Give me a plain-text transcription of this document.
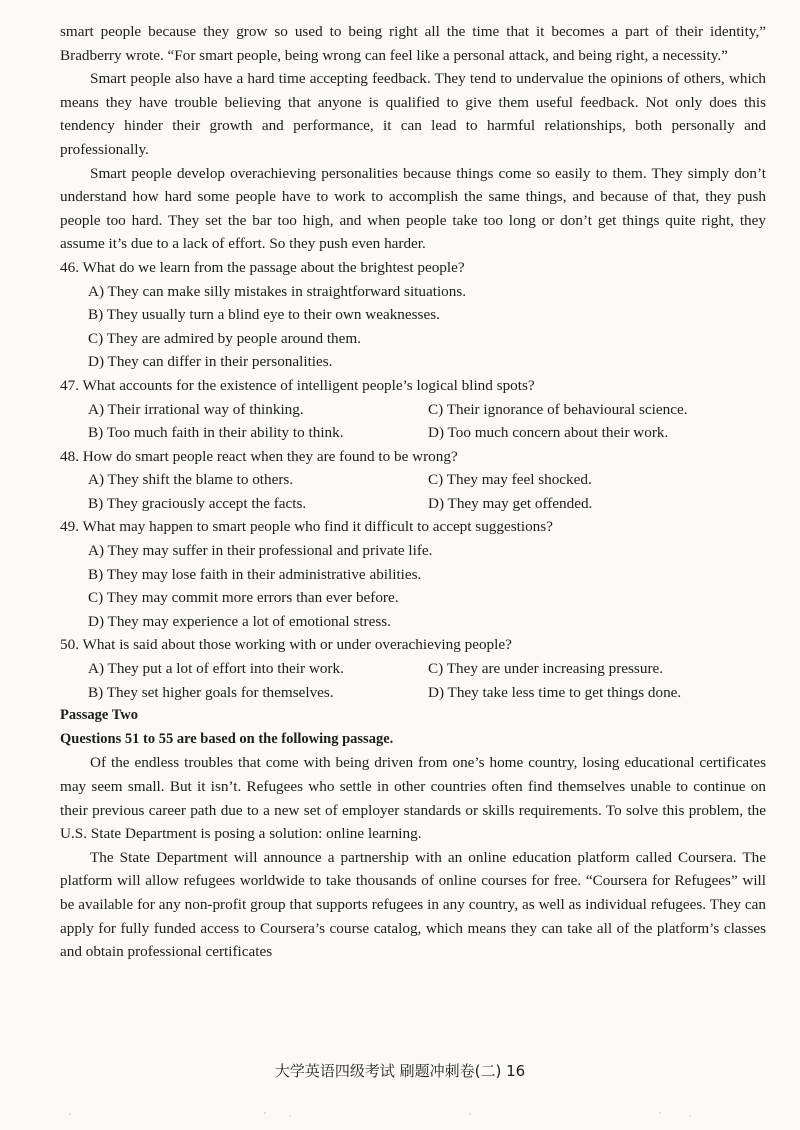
smart people because they grow so used to being right all the time that it becomes a part of their identity,” Bradberry wrote. “For smart people, being wrong can feel like a personal attack, and being right, a necessity.”

Smart people also have a hard time accepting feedback. They tend to undervalue the opinions of others, which means they have trouble believing that anyone is qualified to give them useful feedback. Not only does this tendency hinder their growth and performance, it can lead to harmful relationships, both personally and professionally.

Smart people develop overachieving personalities because things come so easily to them. They simply don’t understand how hard some people have to work to accomplish the same things, and because of that, they push people too hard. They set the bar too high, and when people take too long or don’t get things quite right, they assume it’s due to a lack of effort. So they push even harder.

46. What do we learn from the passage about the brightest people?

A) They can make silly mistakes in straightforward situations.

B) They usually turn a blind eye to their own weaknesses.

C) They are admired by people around them.

D) They can differ in their personalities.

47. What accounts for the existence of intelligent people’s logical blind spots?

A) Their irrational way of thinking.	C) Their ignorance of behavioural science.
B) Too much faith in their ability to think.	D) Too much concern about their work.

48. How do smart people react when they are found to be wrong?

A) They shift the blame to others.	C) They may feel shocked.
B) They graciously accept the facts.	D) They may get offended.

49. What may happen to smart people who find it difficult to accept suggestions?

A) They may suffer in their professional and private life.

B) They may lose faith in their administrative abilities.

C) They may commit more errors than ever before.

D) They may experience a lot of emotional stress.

50. What is said about those working with or under overachieving people?

A) They put a lot of effort into their work.	C) They are under increasing pressure.
B) They set higher goals for themselves.	D) They take less time to get things done.

Passage Two

Questions 51 to 55 are based on the following passage.

Of the endless troubles that come with being driven from one’s home country, losing educational certificates may seem small. But it isn’t. Refugees who settle in other countries often find themselves unable to continue on their previous career path due to a new set of employer standards or skills requirements. To solve this problem, the U.S. State Department is posing a solution: online learning.

The State Department will announce a partnership with an online education platform called Coursera. The platform will allow refugees worldwide to take thousands of online courses for free. “Coursera for Refugees” will be available for any non-profit group that supports refugees in any country, as well as individual refugees. They can apply for fully funded access to Coursera’s course catalog, which means they can take all of the platform’s classes and obtain professional certificates

大学英语四级考试 刷题冲刺卷(二) 16
